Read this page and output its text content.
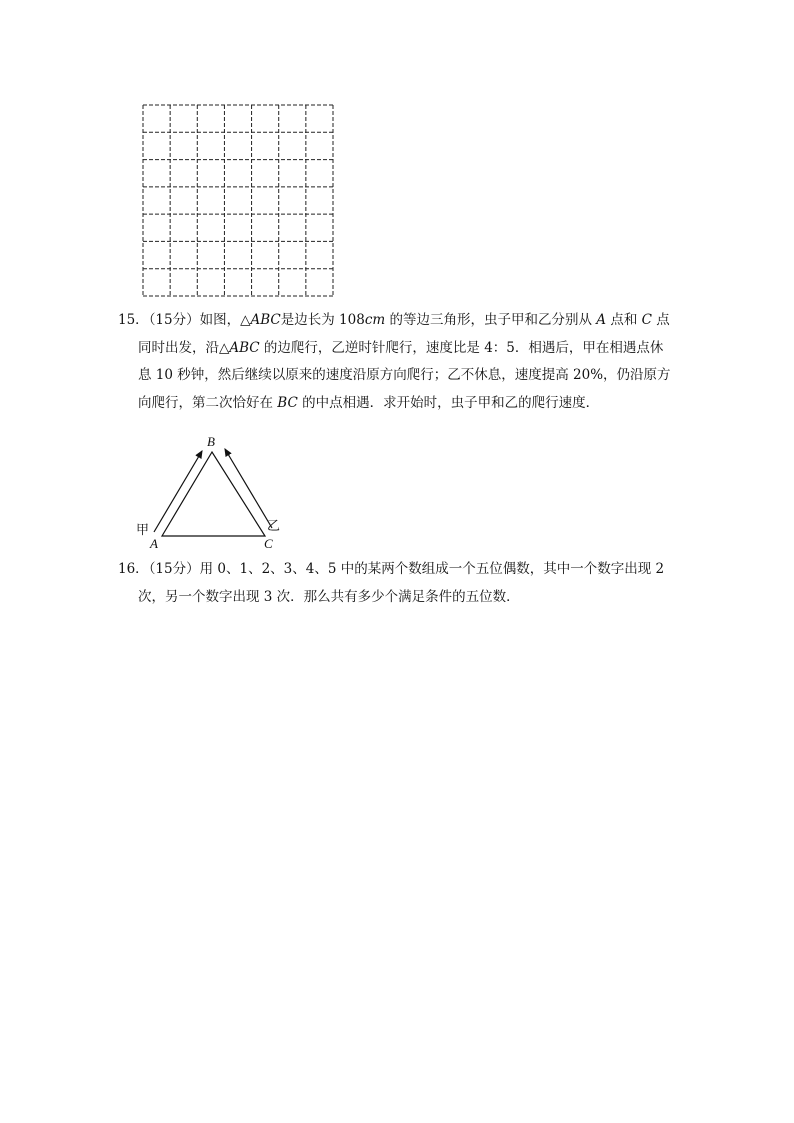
15．（15分）如图，△ABC是边长为 108cm 的等边三角形，虫子甲和乙分别从 A 点和 C 点
同时出发，沿△ABC 的边爬行，乙逆时针爬行，速度比是 4：5．相遇后，甲在相遇点休
息 10 秒钟，然后继续以原来的速度沿原方向爬行；乙不休息，速度提高 20%，仍沿原方
向爬行，第二次恰好在 BC 的中点相遇．求开始时，虫子甲和乙的爬行速度．
B
A	C
甲	乙
16．（15分）用 0、1、2、3、4、5 中的某两个数组成一个五位偶数，其中一个数字出现 2
次，另一个数字出现 3 次．那么共有多少个满足条件的五位数．
